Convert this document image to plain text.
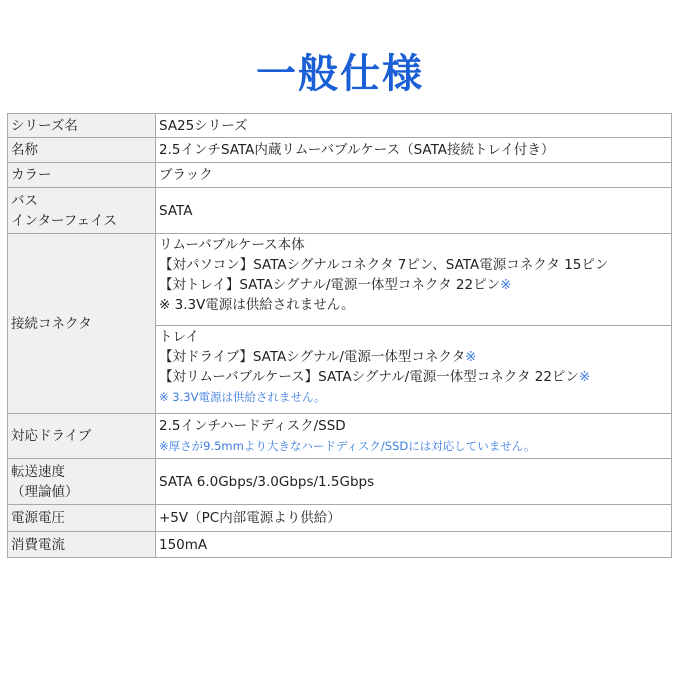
一般仕様
シリーズ名	SA25シリーズ
名称	2.5インチSATA内蔵リムーバブルケース（SATA接続トレイ付き）
カラー	ブラック

バス
インターフェイス	SATA
接続コネクタ	リムーバブルケース本体
【対パソコン】SATAシグナルコネクタ 7ピン、SATA電源コネクタ 15ピン
【対トレイ】SATAシグナル/電源一体型コネクタ 22ピン※
※ 3.3V電源は供給されません。

	トレイ
【対ドライブ】SATAシグナル/電源一体型コネクタ※
【対リムーバブルケース】SATAシグナル/電源一体型コネクタ 22ピン※
※ 3.3V電源は供給されません。

対応ドライブ	2.5インチハードディスク/SSD
※厚さが9.5mmより大きなハードディスク/SSDには対応していません。

転送速度
（理論値）	SATA 6.0Gbps/3.0Gbps/1.5Gbps
電源電圧	+5V（PC内部電源より供給）
消費電流	150mA
